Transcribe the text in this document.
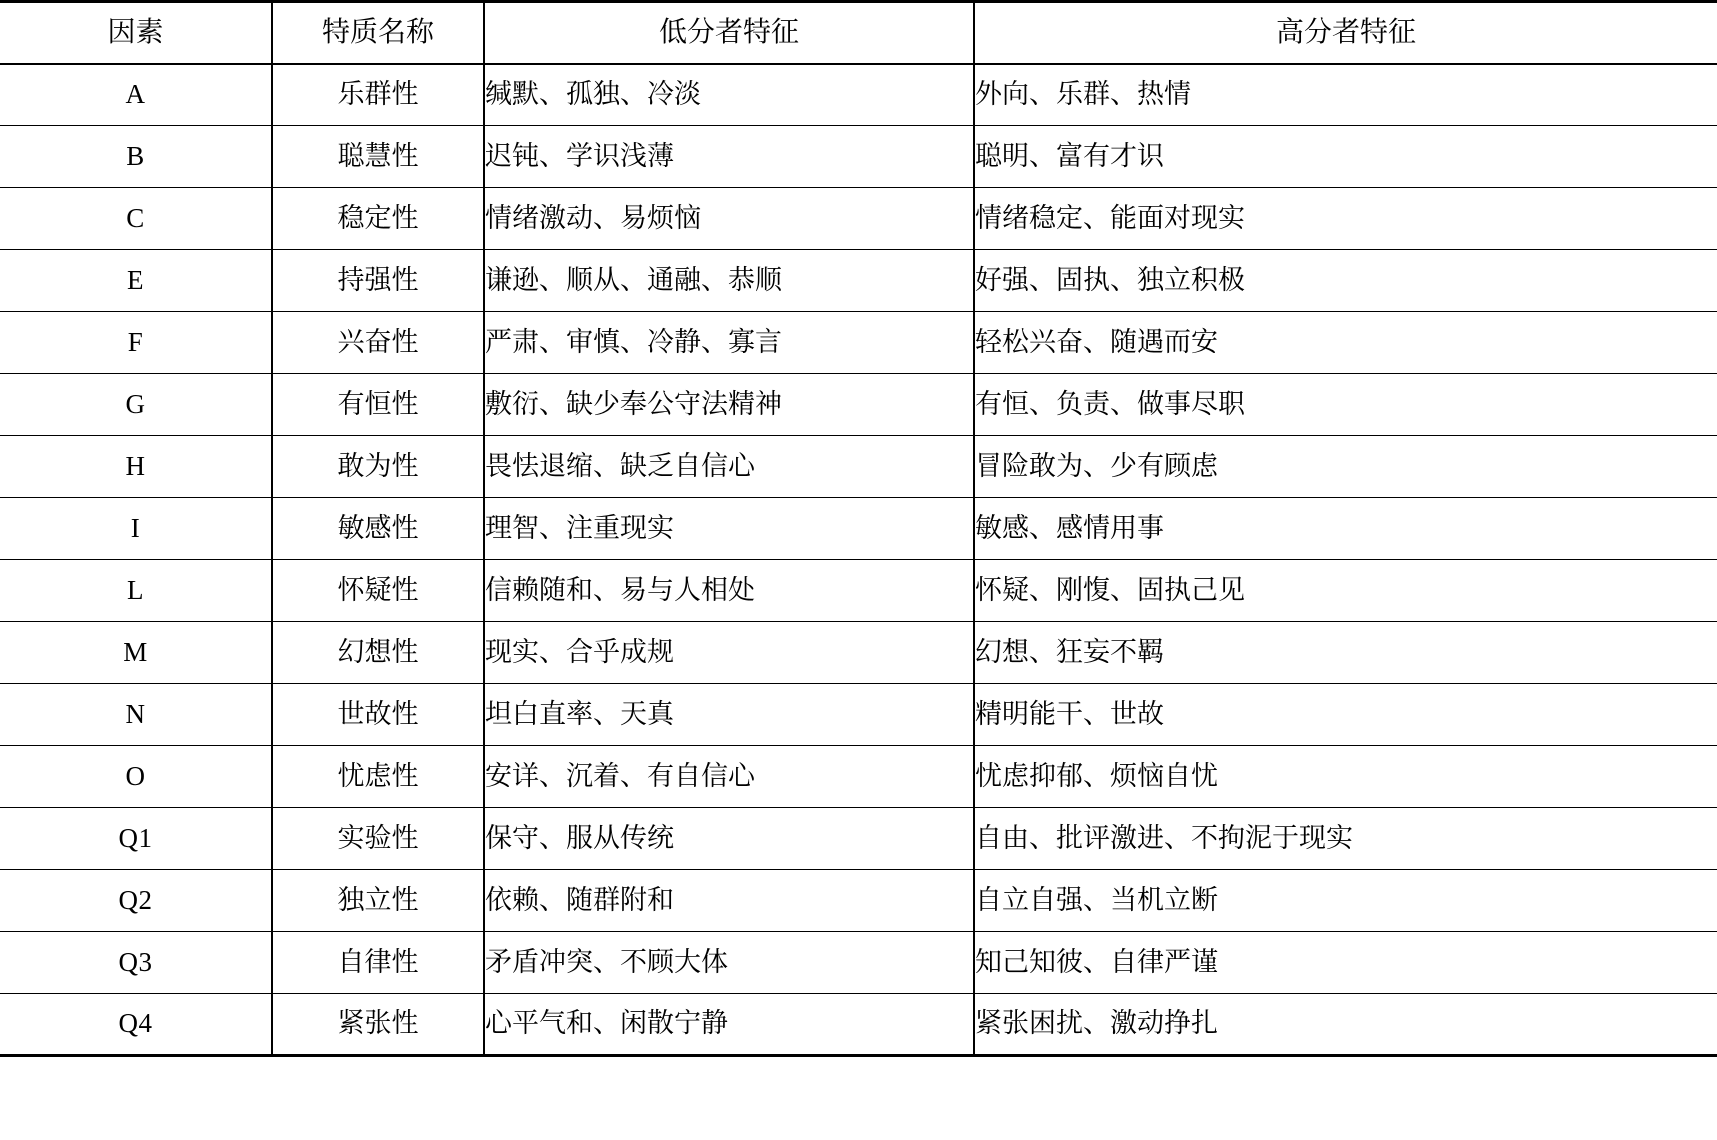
因素	特质名称	低分者特征	高分者特征
A	乐群性	缄默、孤独、冷淡	外向、乐群、热情
B	聪慧性	迟钝、学识浅薄	聪明、富有才识
C	稳定性	情绪激动、易烦恼	情绪稳定、能面对现实
E	持强性	谦逊、顺从、通融、恭顺	好强、固执、独立积极
F	兴奋性	严肃、审慎、冷静、寡言	轻松兴奋、随遇而安
G	有恒性	敷衍、缺少奉公守法精神	有恒、负责、做事尽职
H	敢为性	畏怯退缩、缺乏自信心	冒险敢为、少有顾虑
I	敏感性	理智、注重现实	敏感、感情用事
L	怀疑性	信赖随和、易与人相处	怀疑、刚愎、固执己见
M	幻想性	现实、合乎成规	幻想、狂妄不羁
N	世故性	坦白直率、天真	精明能干、世故
O	忧虑性	安详、沉着、有自信心	忧虑抑郁、烦恼自忧
Q1	实验性	保守、服从传统	自由、批评激进、不拘泥于现实
Q2	独立性	依赖、随群附和	自立自强、当机立断
Q3	自律性	矛盾冲突、不顾大体	知己知彼、自律严谨
Q4	紧张性	心平气和、闲散宁静	紧张困扰、激动挣扎
